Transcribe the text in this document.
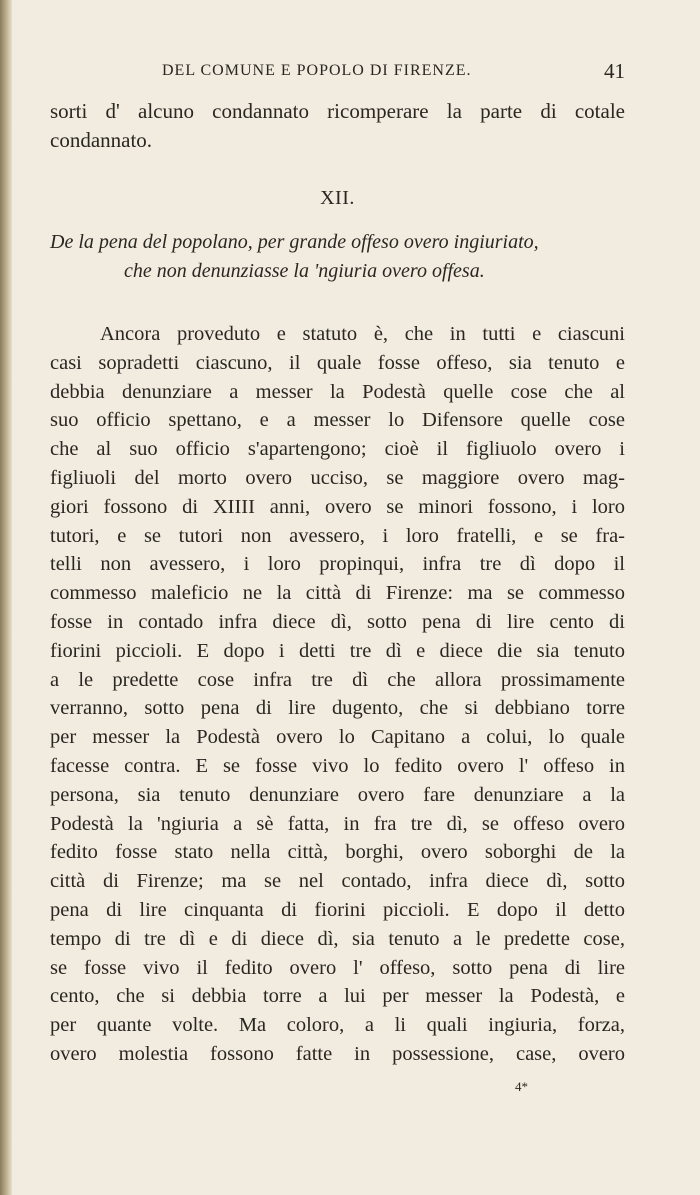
DEL COMUNE E POPOLO DI FIRENZE.	41
sorti d' alcuno condannato ricomperare la parte di cotale
condannato.
XII.
De la pena del popolano, per grande offeso overo ingiuriato,
che non denunziasse la 'ngiuria overo offesa.
Ancora proveduto e statuto è, che in tutti e ciascuni
casi sopradetti ciascuno, il quale fosse offeso, sia tenuto e
debbia denunziare a messer la Podestà quelle cose che al
suo officio spettano, e a messer lo Difensore quelle cose
che al suo officio s'apartengono; cioè il figliuolo overo i
figliuoli del morto overo ucciso, se maggiore overo mag-
giori fossono di XIIII anni, overo se minori fossono, i loro
tutori, e se tutori non avessero, i loro fratelli, e se fra-
telli non avessero, i loro propinqui, infra tre dì dopo il
commesso maleficio ne la città di Firenze: ma se commesso
fosse in contado infra diece dì, sotto pena di lire cento di
fiorini piccioli. E dopo i detti tre dì e diece die sia tenuto
a le predette cose infra tre dì che allora prossimamente
verranno, sotto pena di lire dugento, che si debbiano torre
per messer la Podestà overo lo Capitano a colui, lo quale
facesse contra. E se fosse vivo lo fedito overo l' offeso in
persona, sia tenuto denunziare overo fare denunziare a la
Podestà la 'ngiuria a sè fatta, in fra tre dì, se offeso overo
fedito fosse stato nella città, borghi, overo soborghi de la
città di Firenze; ma se nel contado, infra diece dì, sotto
pena di lire cinquanta di fiorini piccioli. E dopo il detto
tempo di tre dì e di diece dì, sia tenuto a le predette cose,
se fosse vivo il fedito overo l' offeso, sotto pena di lire
cento, che si debbia torre a lui per messer la Podestà, e
per quante volte. Ma coloro, a li quali ingiuria, forza,
overo molestia fossono fatte in possessione, case, overo
4*
